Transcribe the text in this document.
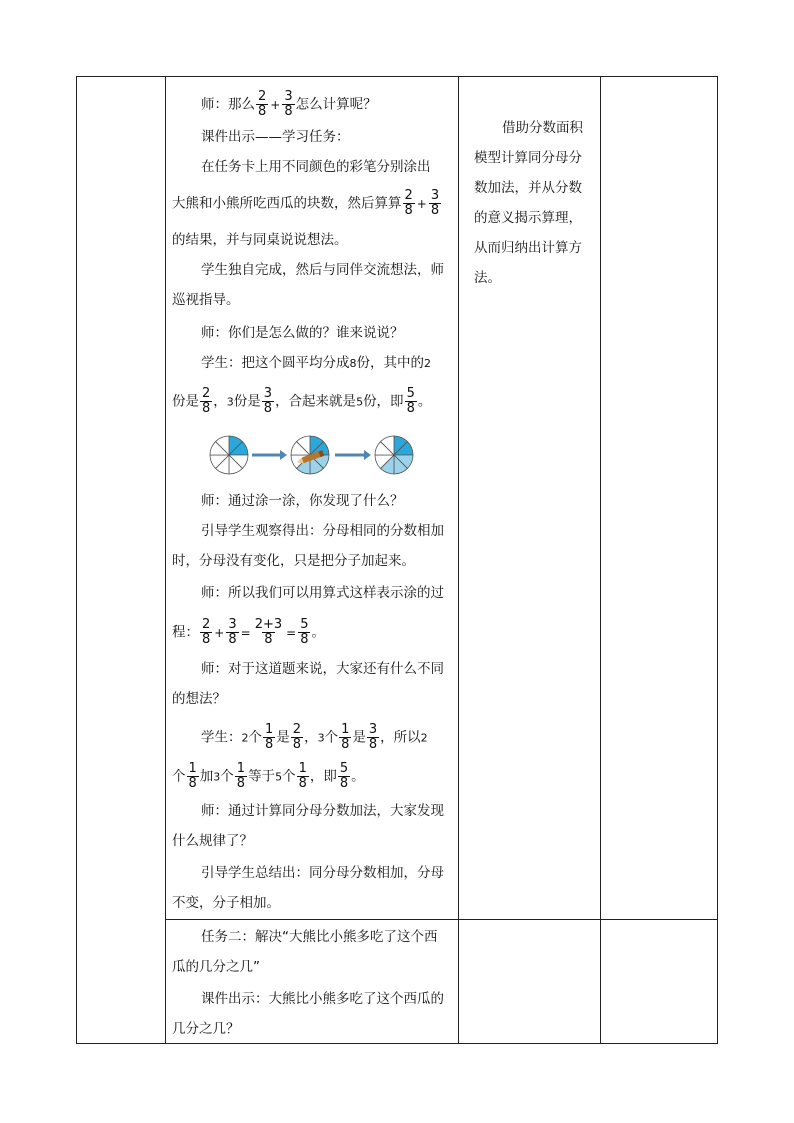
师：那么 $\frac{2}{8} + \frac{3}{8}$ 怎么计算呢？
课件出示——学习任务：
在任务卡上用不同颜色的彩笔分别涂出
大熊和小熊所吃西瓜的块数，然后算算 $\frac{2}{8} + \frac{3}{8}$
的结果，并与同桌说说想法。
学生独自完成，然后与同伴交流想法，师
巡视指导。
师：你们是怎么做的？谁来说说？
学生：把这个圆平均分成8份，其中的2
份是 $\frac{2}{8}$ ，3份是 $\frac{3}{8}$ ，合起来就是5份，即 $\frac{5}{8}$ 。
师：通过涂一涂，你发现了什么？
引导学生观察得出：分母相同的分数相加
时，分母没有变化，只是把分子加起来。
师：所以我们可以用算式这样表示涂的过
程： $\frac{2}{8} + \frac{3}{8} = \frac{2+3}{8} = \frac{5}{8}$ 。
师：对于这道题来说，大家还有什么不同
的想法？
学生：2个 $\frac{1}{8}$ 是 $\frac{2}{8}$ ，3个 $\frac{1}{8}$ 是 $\frac{3}{8}$ ，所以2
个 $\frac{1}{8}$ 加3个 $\frac{1}{8}$ 等于5个 $\frac{1}{8}$ ，即 $\frac{5}{8}$ 。
师：通过计算同分母分数加法，大家发现
什么规律了？
引导学生总结出：同分母分数相加，分母
不变，分子相加。
任务二：解决“大熊比小熊多吃了这个西
瓜的几分之几”
课件出示：大熊比小熊多吃了这个西瓜的
几分之几？
借助分数面积模型计算同分母分数加法，并从分数的意义揭示算理，从而归纳出计算方法。
